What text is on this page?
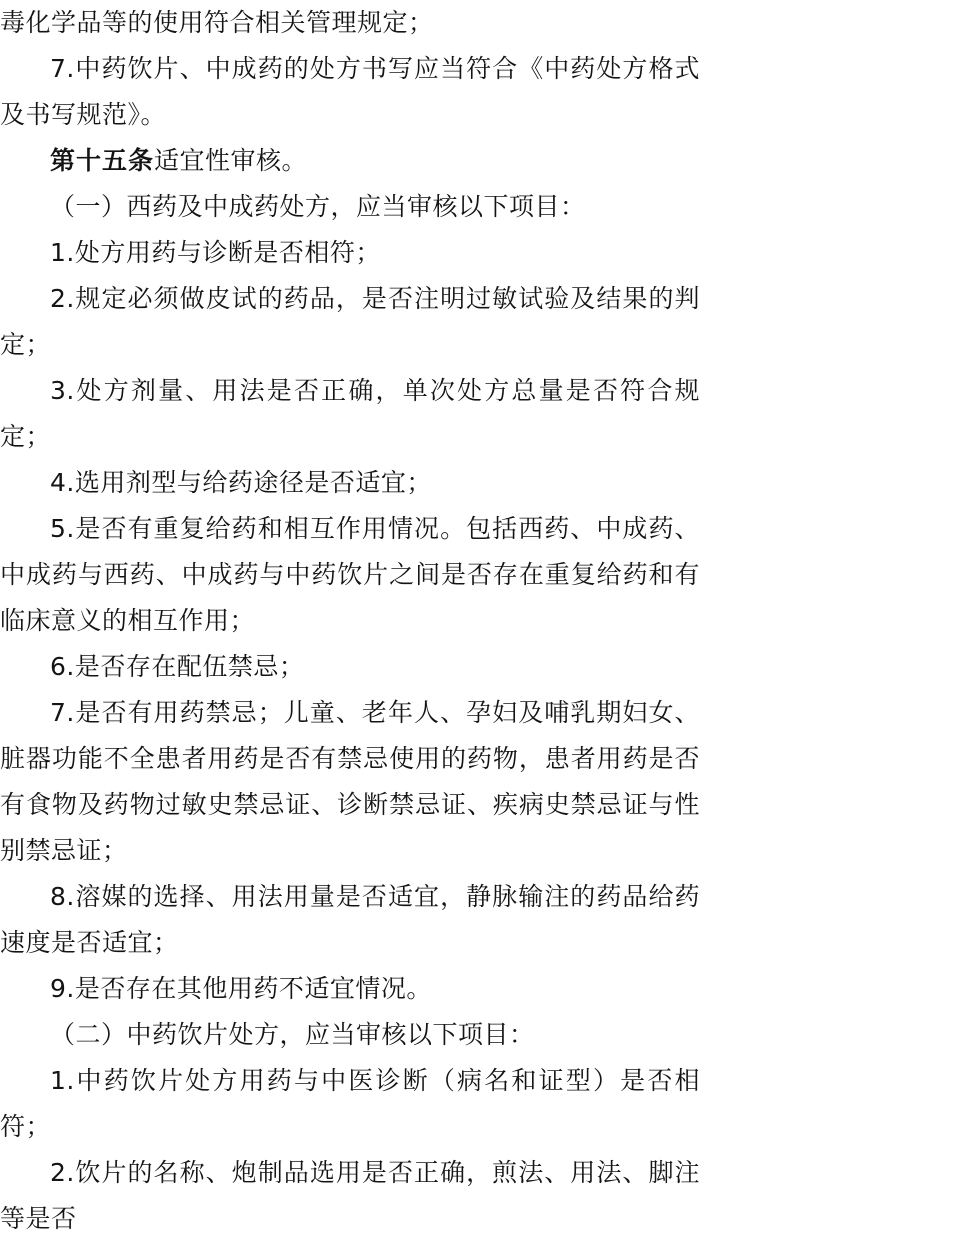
毒化学品等的使用符合相关管理规定；

7.中药饮片、中成药的处方书写应当符合《中药处方格式及书写规范》。

第十五条适宜性审核。

（一）西药及中成药处方，应当审核以下项目：

1.处方用药与诊断是否相符；

2.规定必须做皮试的药品，是否注明过敏试验及结果的判定；

3.处方剂量、用法是否正确，单次处方总量是否符合规定；

4.选用剂型与给药途径是否适宜；

5.是否有重复给药和相互作用情况。包括西药、中成药、中成药与西药、中成药与中药饮片之间是否存在重复给药和有临床意义的相互作用；

6.是否存在配伍禁忌；

7.是否有用药禁忌；儿童、老年人、孕妇及哺乳期妇女、脏器功能不全患者用药是否有禁忌使用的药物，患者用药是否有食物及药物过敏史禁忌证、诊断禁忌证、疾病史禁忌证与性别禁忌证；

8.溶媒的选择、用法用量是否适宜，静脉输注的药品给药速度是否适宜；

9.是否存在其他用药不适宜情况。

（二）中药饮片处方，应当审核以下项目：

1.中药饮片处方用药与中医诊断（病名和证型）是否相符；

2.饮片的名称、炮制品选用是否正确，煎法、用法、脚注等是否
